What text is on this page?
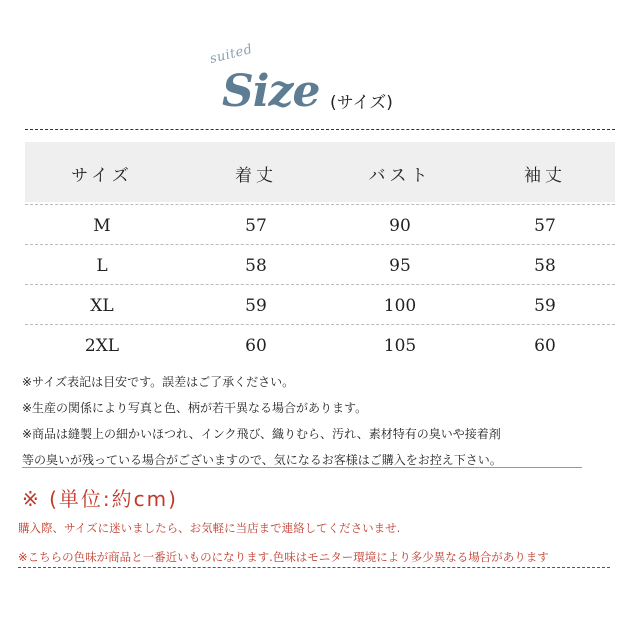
suited
Size (サイズ)
サイズ	着丈	バスト	袖丈
M	57	90	57
L	58	95	58
XL	59	100	59
2XL	60	105	60
※サイズ表記は目安です。誤差はご了承ください。
※生産の関係により写真と色、柄が若干異なる場合があります。
※商品は縫製上の細かいほつれ、インク飛び、織りむら、汚れ、素材特有の臭いや接着剤
等の臭いが残っている場合がございますので、気になるお客様はご購入をお控え下さい。
※ (単位:約cm)
購入際、サイズに迷いましたら、お気軽に当店まで連絡してくださいませ.
※こちらの色味が商品と一番近いものになります.色味はモニター環境により多少異なる場合があります
